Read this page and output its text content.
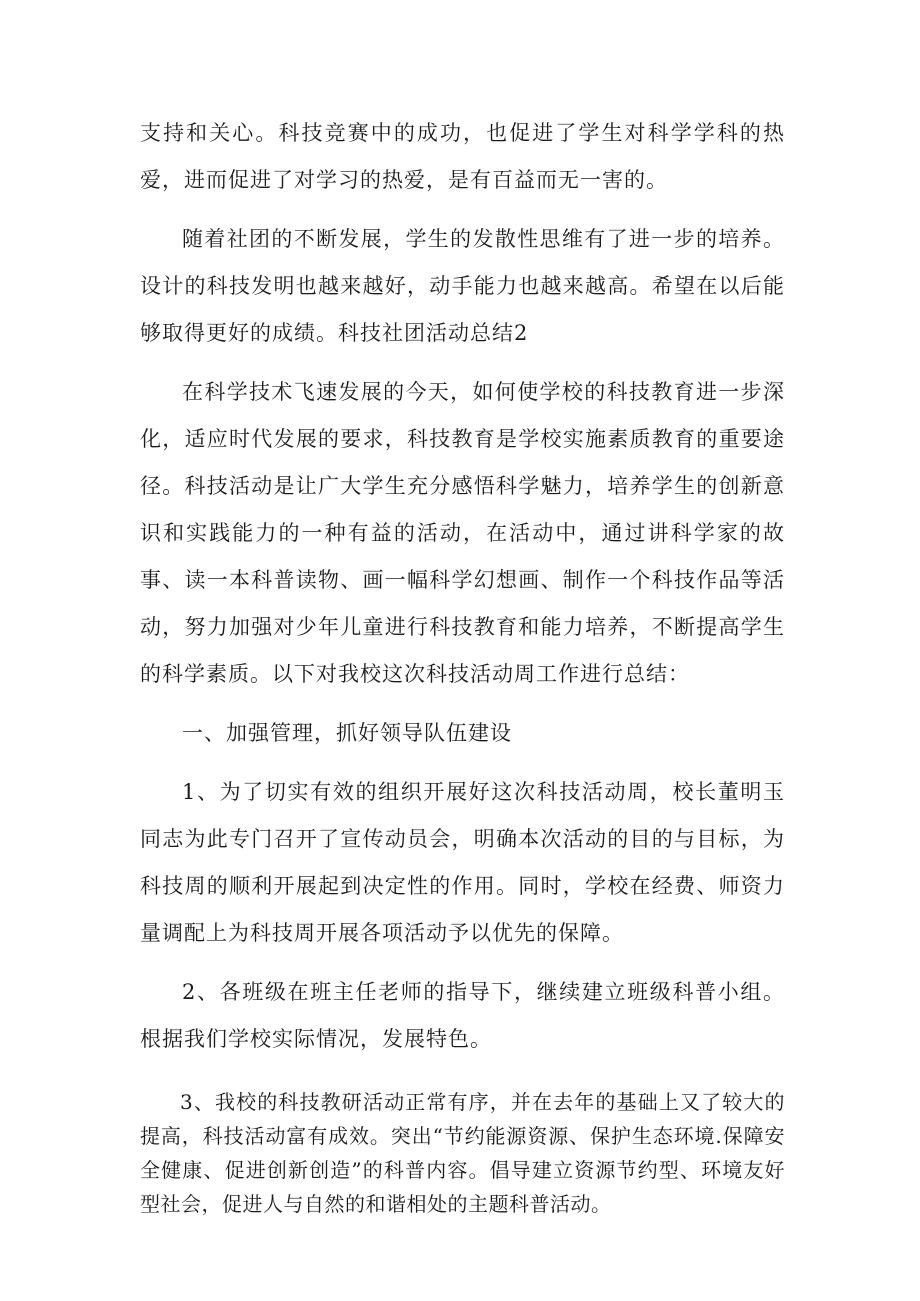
支持和关心。科技竞赛中的成功，也促进了学生对科学学科的热爱，进而促进了对学习的热爱，是有百益而无一害的。

随着社团的不断发展，学生的发散性思维有了进一步的培养。设计的科技发明也越来越好，动手能力也越来越高。希望在以后能够取得更好的成绩。科技社团活动总结2

在科学技术飞速发展的今天，如何使学校的科技教育进一步深化，适应时代发展的要求，科技教育是学校实施素质教育的重要途径。科技活动是让广大学生充分感悟科学魅力，培养学生的创新意识和实践能力的一种有益的活动，在活动中，通过讲科学家的故事、读一本科普读物、画一幅科学幻想画、制作一个科技作品等活动，努力加强对少年儿童进行科技教育和能力培养，不断提高学生的科学素质。以下对我校这次科技活动周工作进行总结：

一、加强管理，抓好领导队伍建设

1、为了切实有效的组织开展好这次科技活动周，校长董明玉同志为此专门召开了宣传动员会，明确本次活动的目的与目标，为科技周的顺利开展起到决定性的作用。同时，学校在经费、师资力量调配上为科技周开展各项活动予以优先的保障。

2、各班级在班主任老师的指导下，继续建立班级科普小组。根据我们学校实际情况，发展特色。

3、我校的科技教研活动正常有序，并在去年的基础上又了较大的提高，科技活动富有成效。突出“节约能源资源、保护生态环境.保障安全健康、促进创新创造”的科普内容。倡导建立资源节约型、环境友好型社会，促进人与自然的和谐相处的主题科普活动。
